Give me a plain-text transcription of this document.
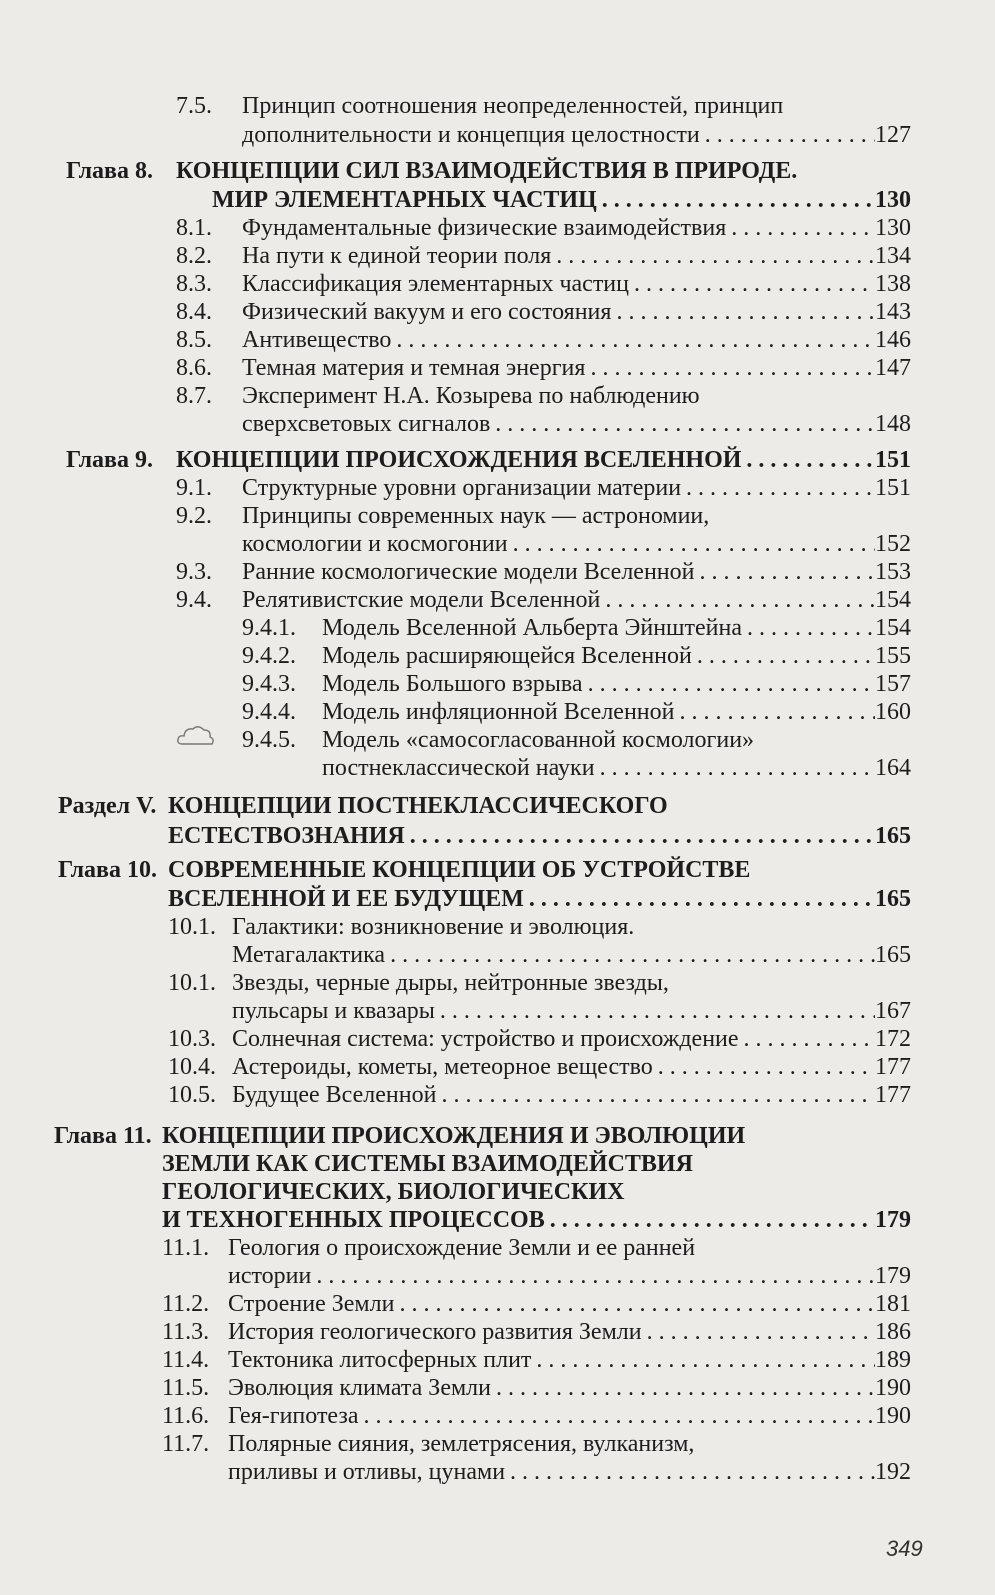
7.5. Принцип соотношения неопределенностей, принцип
дополнительности и концепция целостности . . .	127
Глава 8. КОНЦЕПЦИИ СИЛ ВЗАИМОДЕЙСТВИЯ В ПРИРОДЕ.
МИР ЭЛЕМЕНТАРНЫХ ЧАСТИЦ . . .	130
8.1. Фундаментальные физические взаимодействия . . .	130
8.2. На пути к единой теории поля . . .	134
8.3. Классификация элементарных частиц . . .	138
8.4. Физический вакуум и его состояния . . .	143
8.5. Антивещество . . .	146
8.6. Темная материя и темная энергия . . .	147
8.7. Эксперимент Н.А. Козырева по наблюдению
сверхсветовых сигналов . . .	148
Глава 9. КОНЦЕПЦИИ ПРОИСХОЖДЕНИЯ ВСЕЛЕННОЙ . . .	151
9.1. Структурные уровни организации материи . . .	151
9.2. Принципы современных наук — астрономии,
космологии и космогонии . . .	152
9.3. Ранние космологические модели Вселенной . . .	153
9.4. Релятивистские модели Вселенной . . .	154
9.4.1. Модель Вселенной Альберта Эйнштейна . . .	154
9.4.2. Модель расширяющейся Вселенной . . .	155
9.4.3. Модель Большого взрыва . . .	157
9.4.4. Модель инфляционной Вселенной . . .	160
9.4.5. Модель «самосогласованной космологии»
постнеклассической науки . . .	164
Раздел V. КОНЦЕПЦИИ ПОСТНЕКЛАССИЧЕСКОГО
ЕСТЕСТВОЗНАНИЯ . . .	165
Глава 10. СОВРЕМЕННЫЕ КОНЦЕПЦИИ ОБ УСТРОЙСТВЕ
ВСЕЛЕННОЙ И ЕЕ БУДУЩЕМ . . .	165
10.1. Галактики: возникновение и эволюция.
Метагалактика . . .	165
10.1. Звезды, черные дыры, нейтронные звезды,
пульсары и квазары . . .	167
10.3. Солнечная система: устройство и происхождение . . .	172
10.4. Астероиды, кометы, метеорное вещество . . .	177
10.5. Будущее Вселенной . . .	177
Глава 11. КОНЦЕПЦИИ ПРОИСХОЖДЕНИЯ И ЭВОЛЮЦИИ
ЗЕМЛИ КАК СИСТЕМЫ ВЗАИМОДЕЙСТВИЯ
ГЕОЛОГИЧЕСКИХ, БИОЛОГИЧЕСКИХ
И ТЕХНОГЕННЫХ ПРОЦЕССОВ . . .	179
11.1. Геология о происхождение Земли и ее ранней
истории . . .	179
11.2. Строение Земли . . .	181
11.3. История геологического развития Земли . . .	186
11.4. Тектоника литосферных плит . . .	189
11.5. Эволюция климата Земли . . .	190
11.6. Гея-гипотеза . . .	190
11.7. Полярные сияния, землетрясения, вулканизм,
приливы и отливы, цунами . . .	192
349
